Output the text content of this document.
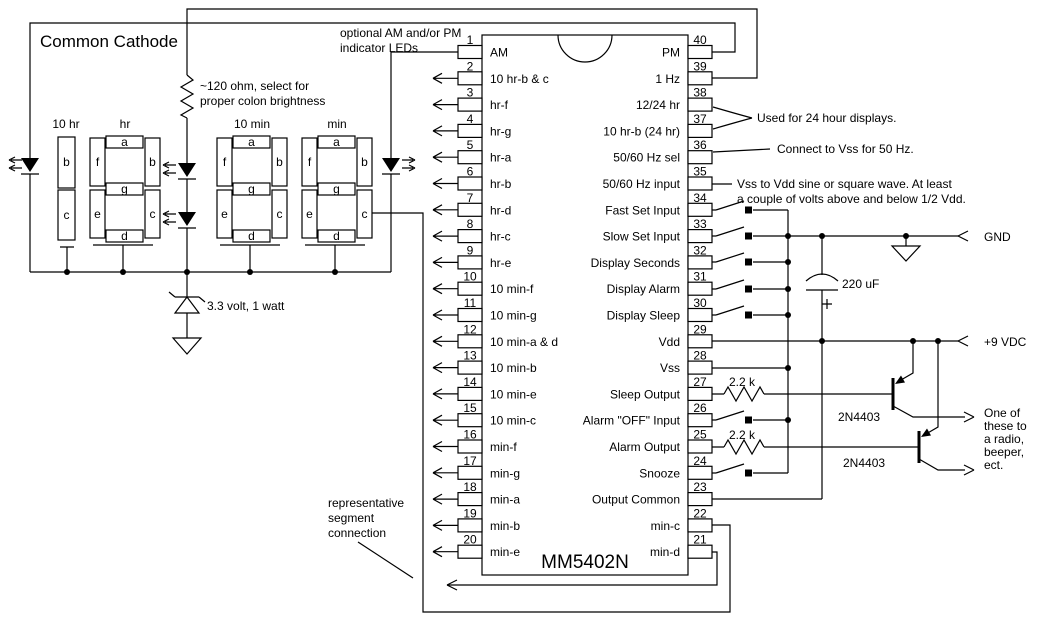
MM5402N
1
AM
2
10 hr-b & c
3
hr-f
4
hr-g
5
hr-a
6
hr-b
7
hr-d
8
hr-c
9
hr-e
10
10 min-f
11
10 min-g
12
10 min-a & d
13
10 min-b
14
10 min-e
15
10 min-c
16
min-f
17
min-g
18
min-a
19
min-b
20
min-e
40
PM
39
1 Hz
38
12/24 hr
37
10 hr-b (24 hr)
36
50/60 Hz sel
35
50/60 Hz input
34
Fast Set Input
33
Slow Set Input
32
Display Seconds
31
Display Alarm
30
Display Sleep
29
Vdd
28
Vss
27
Sleep Output
26
Alarm "OFF" Input
25
Alarm Output
24
Snooze
23
Output Common
22
min-c
21
min-d
10 hr
b
c
hr
a
b
c
d
e
f
g
10 min
a
b
c
d
e
f
g
min
a
b
c
d
e
f
g
Common Cathode	optional AM and/or PM
indicator LEDs
~120 ohm, select for
proper colon brightness
3.3 volt, 1 watt
representative
segment
connection
Used for 24 hour displays.
Connect to Vss for 50 Hz.
Vss to Vdd sine or square wave. At least
a couple of volts above and below 1/2 Vdd.
GND
+9 VDC
220 uF
2.2 k
2.2 k
2N4403
2N4403
One of
these to
a radio,
beeper,
ect.
